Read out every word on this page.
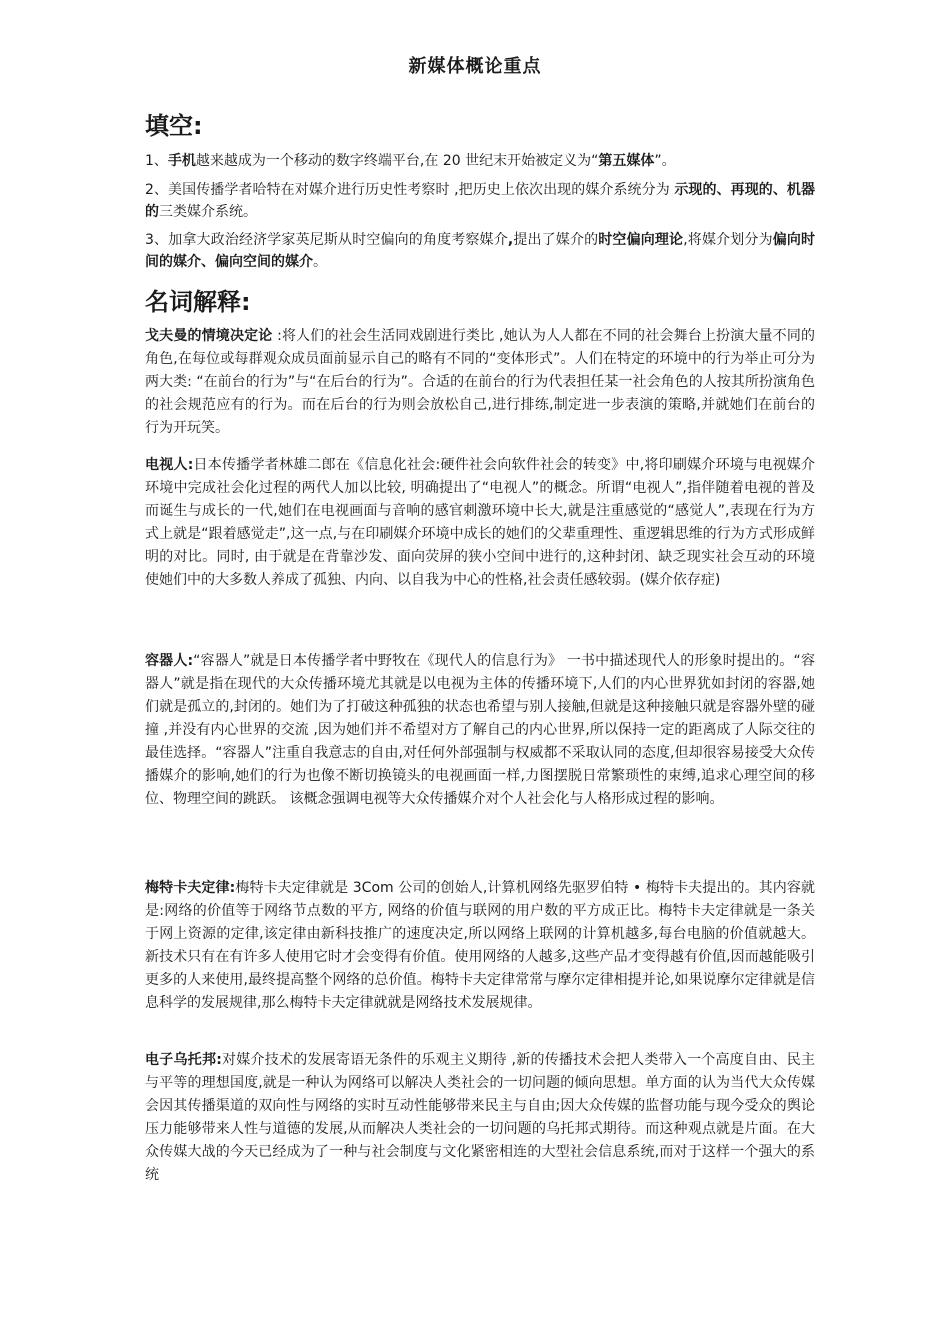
新媒体概论重点
填空:
1、手机越来越成为一个移动的数字终端平台,在 20 世纪末开始被定义为“第五媒体”。
2、美国传播学者哈特在对媒介进行历史性考察时 ,把历史上依次出现的媒介系统分为 示现的、再现的、机器的三类媒介系统。
3、加拿大政治经济学家英尼斯从时空偏向的角度考察媒介,提出了媒介的时空偏向理论,将媒介划分为偏向时间的媒介、偏向空间的媒介。
名词解释:
戈夫曼的情境决定论 :将人们的社会生活同戏剧进行类比 ,她认为人人都在不同的社会舞台上扮演大量不同的角色,在每位或每群观众成员面前显示自己的略有不同的“变体形式”。人们在特定的环境中的行为举止可分为两大类: “在前台的行为”与“在后台的行为”。合适的在前台的行为代表担任某一社会角色的人按其所扮演角色的社会规范应有的行为。而在后台的行为则会放松自己,进行排练,制定进一步表演的策略,并就她们在前台的行为开玩笑。
电视人:日本传播学者林雄二郎在《信息化社会:硬件社会向软件社会的转变》中,将印刷媒介环境与电视媒介环境中完成社会化过程的两代人加以比较, 明确提出了“电视人”的概念。所谓“电视人”,指伴随着电视的普及而诞生与成长的一代,她们在电视画面与音响的感官刺激环境中长大,就是注重感觉的“感觉人”,表现在行为方式上就是“跟着感觉走”,这一点,与在印刷媒介环境中成长的她们的父辈重理性、重逻辑思维的行为方式形成鲜明的对比。同时, 由于就是在背靠沙发、面向荧屏的狭小空间中进行的,这种封闭、缺乏现实社会互动的环境使她们中的大多数人养成了孤独、内向、以自我为中心的性格,社会责任感较弱。(媒介依存症)
容器人:“容器人”就是日本传播学者中野牧在《现代人的信息行为》 一书中描述现代人的形象时提出的。“容器人”就是指在现代的大众传播环境尤其就是以电视为主体的传播环境下,人们的内心世界犹如封闭的容器,她们就是孤立的,封闭的。她们为了打破这种孤独的状态也希望与别人接触,但就是这种接触只就是容器外壁的碰撞 ,并没有内心世界的交流 ,因为她们并不希望对方了解自己的内心世界,所以保持一定的距离成了人际交往的最佳选择。“容器人”注重自我意志的自由,对任何外部强制与权威都不采取认同的态度,但却很容易接受大众传播媒介的影响,她们的行为也像不断切换镜头的电视画面一样,力图摆脱日常繁琐性的束缚,追求心理空间的移位、物理空间的跳跃。 该概念强调电视等大众传播媒介对个人社会化与人格形成过程的影响。
梅特卡夫定律:梅特卡夫定律就是 3Com 公司的创始人,计算机网络先驱罗伯特 • 梅特卡夫提出的。其内容就是:网络的价值等于网络节点数的平方, 网络的价值与联网的用户数的平方成正比。梅特卡夫定律就是一条关于网上资源的定律,该定律由新科技推广的速度决定,所以网络上联网的计算机越多,每台电脑的价值就越大。新技术只有在有许多人使用它时才会变得有价值。使用网络的人越多,这些产品才变得越有价值,因而越能吸引更多的人来使用,最终提高整个网络的总价值。梅特卡夫定律常常与摩尔定律相提并论,如果说摩尔定律就是信息科学的发展规律,那么梅特卡夫定律就就是网络技术发展规律。
电子乌托邦:对媒介技术的发展寄语无条件的乐观主义期待 ,新的传播技术会把人类带入一个高度自由、民主与平等的理想国度,就是一种认为网络可以解决人类社会的一切问题的倾向思想。单方面的认为当代大众传媒会因其传播渠道的双向性与网络的实时互动性能够带来民主与自由;因大众传媒的监督功能与现今受众的舆论压力能够带来人性与道德的发展,从而解决人类社会的一切问题的乌托邦式期待。而这种观点就是片面。在大众传媒大战的今天已经成为了一种与社会制度与文化紧密相连的大型社会信息系统,而对于这样一个强大的系统
